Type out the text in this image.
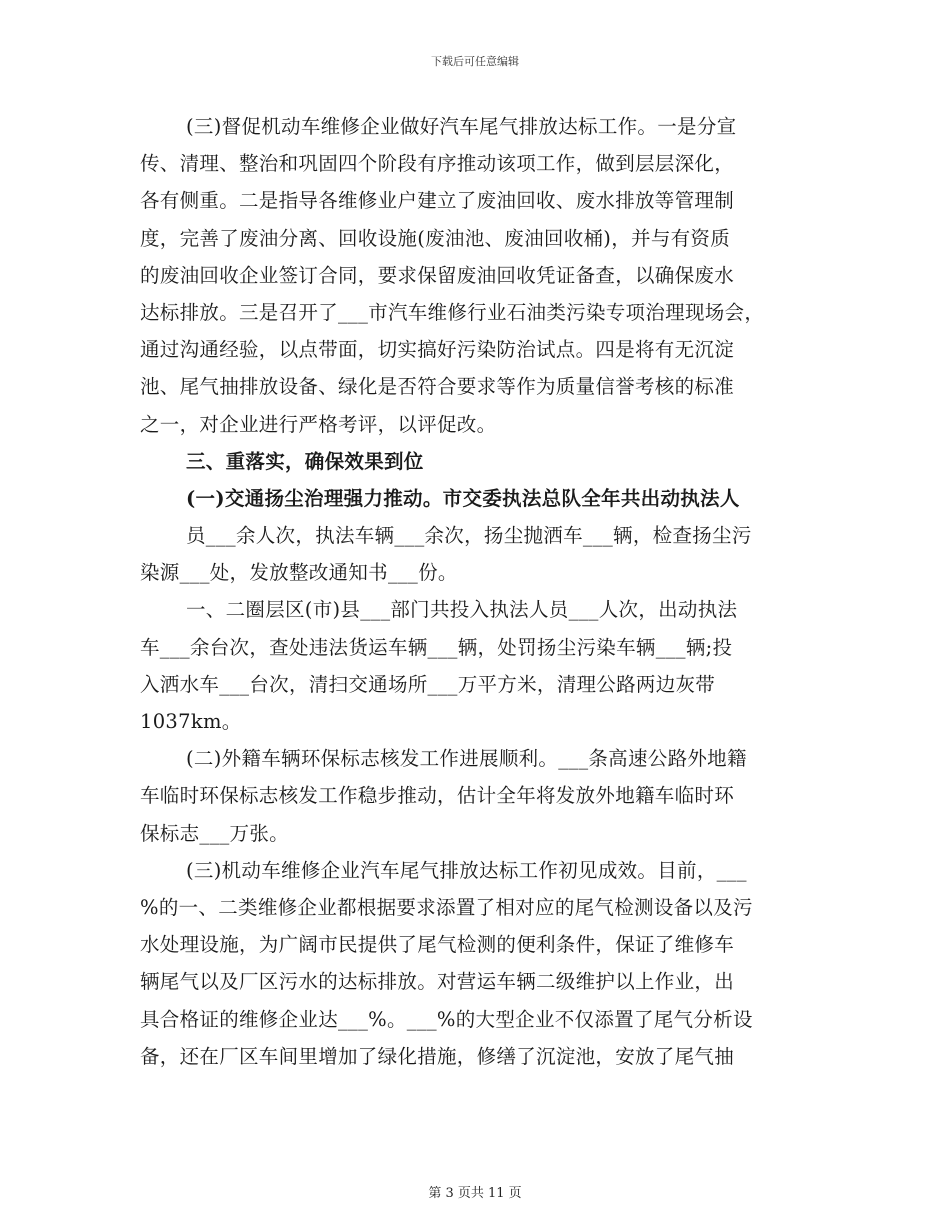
下载后可任意编辑
(三)督促机动车维修企业做好汽车尾气排放达标工作。一是分宣
传、清理、整治和巩固四个阶段有序推动该项工作，做到层层深化，
各有侧重。二是指导各维修业户建立了废油回收、废水排放等管理制
度，完善了废油分离、回收设施(废油池、废油回收桶)，并与有资质
的废油回收企业签订合同，要求保留废油回收凭证备查，以确保废水
达标排放。三是召开了___市汽车维修行业石油类污染专项治理现场会，
通过沟通经验，以点带面，切实搞好污染防治试点。四是将有无沉淀
池、尾气抽排放设备、绿化是否符合要求等作为质量信誉考核的标准
之一，对企业进行严格考评，以评促改。
三、重落实，确保效果到位
(一)交通扬尘治理强力推动。市交委执法总队全年共出动执法人
员___余人次，执法车辆___余次，扬尘抛洒车___辆，检查扬尘污
染源___处，发放整改通知书___份。
一、二圈层区(市)县___部门共投入执法人员___人次，出动执法
车___余台次，查处违法货运车辆___辆，处罚扬尘污染车辆___辆;投
入洒水车___台次，清扫交通场所___万平方米，清理公路两边灰带
1037km。
(二)外籍车辆环保标志核发工作进展顺利。___条高速公路外地籍
车临时环保标志核发工作稳步推动，估计全年将发放外地籍车临时环
保标志___万张。
(三)机动车维修企业汽车尾气排放达标工作初见成效。目前，___
%的一、二类维修企业都根据要求添置了相对应的尾气检测设备以及污
水处理设施，为广阔市民提供了尾气检测的便利条件，保证了维修车
辆尾气以及厂区污水的达标排放。对营运车辆二级维护以上作业，出
具合格证的维修企业达___%。___%的大型企业不仅添置了尾气分析设
备，还在厂区车间里增加了绿化措施，修缮了沉淀池，安放了尾气抽
第 3 页共 11 页
